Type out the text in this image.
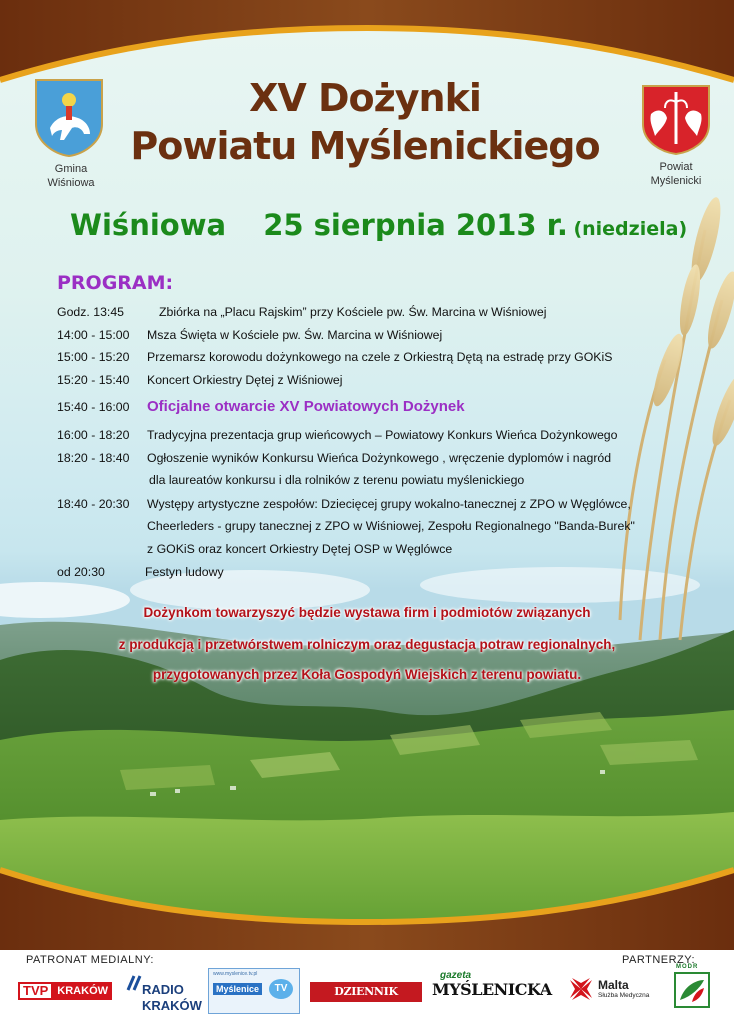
Gmina
Wiśniowa
Powiat
Myślenicki
XV Dożynki
Powiatu Myślenickiego
Wiśniowa 25 sierpnia 2013 r. (niedziela)
PROGRAM:
Godz. 13:45	Zbiórka na „Placu Rajskim” przy Kościele pw. Św. Marcina w Wiśniowej
14:00 - 15:00 Msza Święta w Kościele pw. Św. Marcina w Wiśniowej
15:00 - 15:20 Przemarsz korowodu dożynkowego na czele z Orkiestrą Dętą na estradę przy GOKiS
15:20 - 15:40 Koncert Orkiestry Dętej z Wiśniowej
15:40 - 16:00 Oficjalne otwarcie XV Powiatowych Dożynek
16:00 - 18:20 Tradycyjna prezentacja grup wieńcowych – Powiatowy Konkurs Wieńca Dożynkowego
18:20 - 18:40 Ogłoszenie wyników Konkursu Wieńca Dożynkowego , wręczenie dyplomów i nagród
dla laureatów konkursu i dla rolników z terenu powiatu myślenickiego
18:40 - 20:30 Występy artystyczne zespołów: Dziecięcej grupy wokalno-tanecznej z ZPO w Węglówce,
Cheerleders - grupy tanecznej z ZPO w Wiśniowej, Zespołu Regionalnego "Banda-Burek"
z GOKiS oraz koncert Orkiestry Dętej OSP w Węglówce
od 20:30	Festyn ludowy
Dożynkom towarzyszyć będzie wystawa firm i podmiotów związanych
z produkcją i przetwórstwem rolniczym oraz degustacja potraw regionalnych,
przygotowanych przez Koła Gospodyń Wiejskich z terenu powiatu.
PATRONAT MEDIALNY:	PARTNERZY:
TVP KRAKÓW	RADIO
KRAKÓW
www.myslenice.tv.pl
Myślenice	TV	DZIENNIK POLSKI
gazeta
MYŚLENICKA	Malta
Służba Medyczna
MODR
